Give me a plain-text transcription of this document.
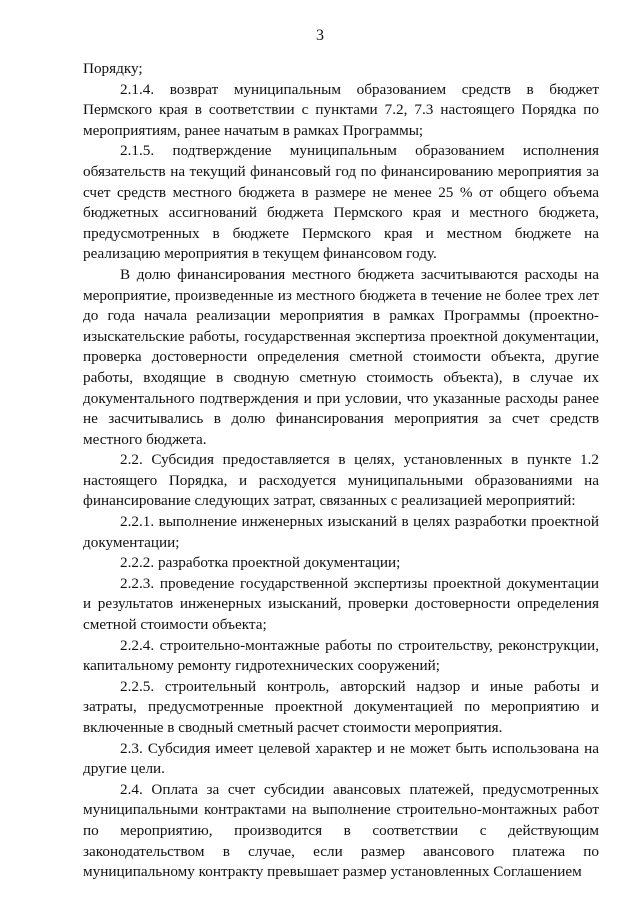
3

Порядку;

2.1.4. возврат муниципальным образованием средств в бюджет Пермского края в соответствии с пунктами 7.2, 7.3 настоящего Порядка по мероприятиям, ранее начатым в рамках Программы;

2.1.5. подтверждение муниципальным образованием исполнения обязательств на текущий финансовый год по финансированию мероприятия за счет средств местного бюджета в размере не менее 25 % от общего объема бюджетных ассигнований бюджета Пермского края и местного бюджета, предусмотренных в бюджете Пермского края и местном бюджете на реализацию мероприятия в текущем финансовом году.

В долю финансирования местного бюджета засчитываются расходы на мероприятие, произведенные из местного бюджета в течение не более трех лет до года начала реализации мероприятия в рамках Программы (проектно-изыскательские работы, государственная экспертиза проектной документации, проверка достоверности определения сметной стоимости объекта, другие работы, входящие в сводную сметную стоимость объекта), в случае их документального подтверждения и при условии, что указанные расходы ранее не засчитывались в долю финансирования мероприятия за счет средств местного бюджета.

2.2. Субсидия предоставляется в целях, установленных в пункте 1.2 настоящего Порядка, и расходуется муниципальными образованиями на финансирование следующих затрат, связанных с реализацией мероприятий:

2.2.1. выполнение инженерных изысканий в целях разработки проектной документации;

2.2.2. разработка проектной документации;

2.2.3. проведение государственной экспертизы проектной документации и результатов инженерных изысканий, проверки достоверности определения сметной стоимости объекта;

2.2.4. строительно-монтажные работы по строительству, реконструкции, капитальному ремонту гидротехнических сооружений;

2.2.5. строительный контроль, авторский надзор и иные работы и затраты, предусмотренные проектной документацией по мероприятию и включенные в сводный сметный расчет стоимости мероприятия.

2.3. Субсидия имеет целевой характер и не может быть использована на другие цели.

2.4. Оплата за счет субсидии авансовых платежей, предусмотренных муниципальными контрактами на выполнение строительно-монтажных работ по мероприятию, производится в соответствии с действующим законодательством в случае, если размер авансового платежа по муниципальному контракту превышает размер установленных Соглашением
